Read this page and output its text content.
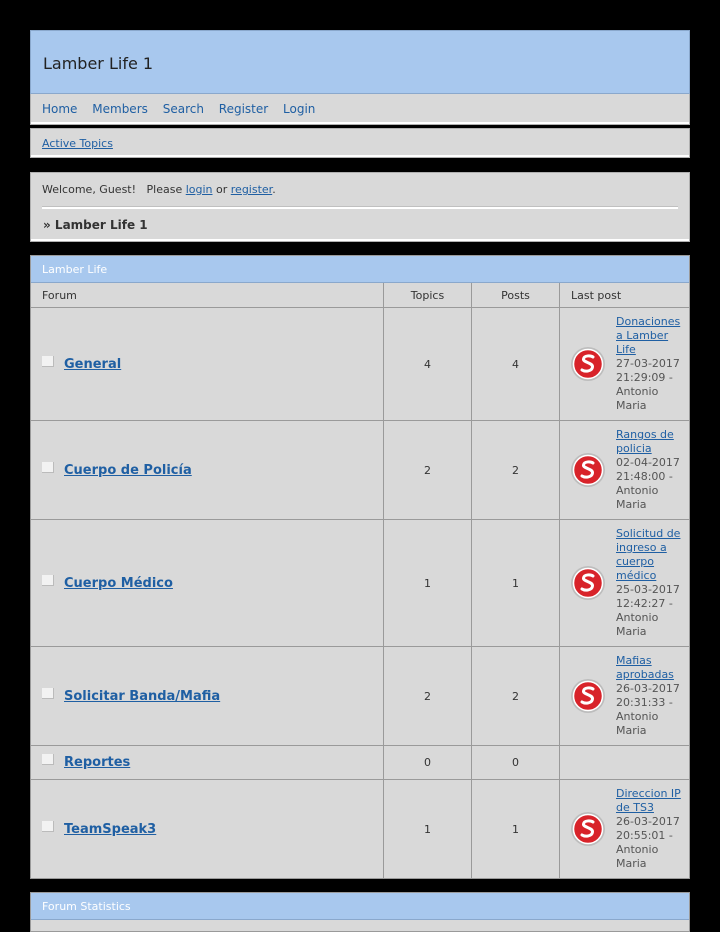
Lamber Life 1
Home Members Search Register Login
Active Topics
Welcome, Guest!   Please login or register.
» Lamber Life 1
Lamber Life
Forum	Topics	Posts	Last post
General	4	4	Donaciones a Lamber Life
27-03-2017 21:29:09 -
Antonio Maria
Cuerpo de Policía	2	2	Rangos de policia
02-04-2017 21:48:00 -
Antonio Maria
Cuerpo Médico	1	1	Solicitud de ingreso a cuerpo médico
25-03-2017 12:42:27 -
Antonio Maria
Solicitar Banda/Mafia	2	2	Mafias aprobadas
26-03-2017 20:31:33 -
Antonio Maria
Reportes	0	0	
TeamSpeak3	1	1	Direccion IP de TS3
26-03-2017 20:55:01 -
Antonio Maria
Forum Statistics
